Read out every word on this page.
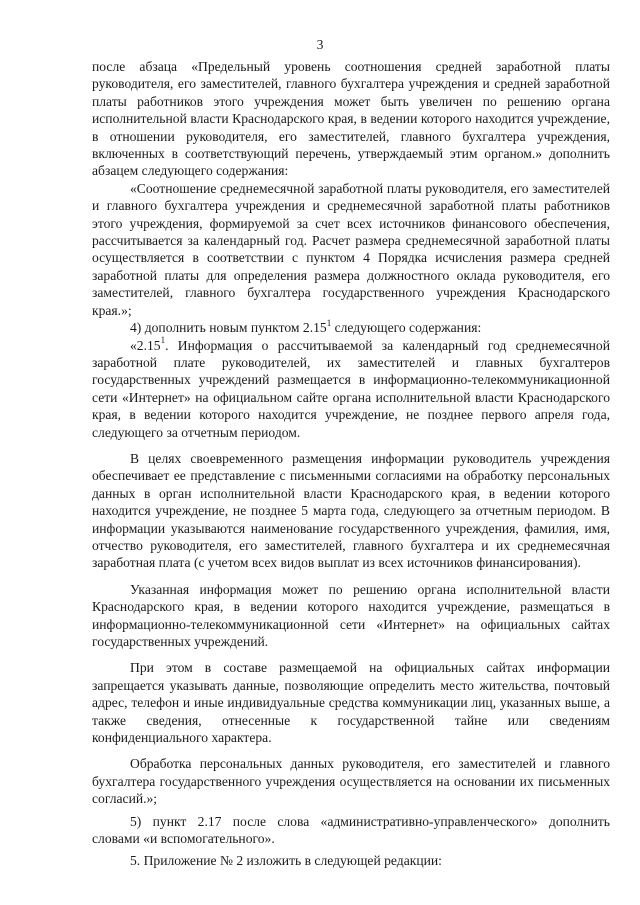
3

после абзаца «Предельный уровень соотношения средней заработной платы руководителя, его заместителей, главного бухгалтера учреждения и средней заработной платы работников этого учреждения может быть увеличен по решению органа исполнительной власти Краснодарского края, в ведении которого находится учреждение, в отношении руководителя, его заместителей, главного бухгалтера учреждения, включенных в соответствующий перечень, утверждаемый этим органом.» дополнить абзацем следующего содержания:

«Соотношение среднемесячной заработной платы руководителя, его заместителей и главного бухгалтера учреждения и среднемесячной заработной платы работников этого учреждения, формируемой за счет всех источников финансового обеспечения, рассчитывается за календарный год. Расчет размера среднемесячной заработной платы осуществляется в соответствии с пунктом 4 Порядка исчисления размера средней заработной платы для определения размера должностного оклада руководителя, его заместителей, главного бухгалтера государственного учреждения Краснодарского края.»;

4) дополнить новым пунктом 2.15$^1$ следующего содержания:

«2.15$^1$. Информация о рассчитываемой за календарный год среднемесячной заработной плате руководителей, их заместителей и главных бухгалтеров государственных учреждений размещается в информационно-телекоммуникационной сети «Интернет» на официальном сайте органа исполнительной власти Краснодарского края, в ведении которого находится учреждение, не позднее первого апреля года, следующего за отчетным периодом.

В целях своевременного размещения информации руководитель учреждения обеспечивает ее представление с письменными согласиями на обработку персональных данных в орган исполнительной власти Краснодарского края, в ведении которого находится учреждение, не позднее 5 марта года, следующего за отчетным периодом. В информации указываются наименование государственного учреждения, фамилия, имя, отчество руководителя, его заместителей, главного бухгалтера и их среднемесячная заработная плата (с учетом всех видов выплат из всех источников финансирования).

Указанная информация может по решению органа исполнительной власти Краснодарского края, в ведении которого находится учреждение, размещаться в информационно-телекоммуникационной сети «Интернет» на официальных сайтах государственных учреждений.

При этом в составе размещаемой на официальных сайтах информации запрещается указывать данные, позволяющие определить место жительства, почтовый адрес, телефон и иные индивидуальные средства коммуникации лиц, указанных выше, а также сведения, отнесенные к государственной тайне или сведениям конфиденциального характера.

Обработка персональных данных руководителя, его заместителей и главного бухгалтера государственного учреждения осуществляется на основании их письменных согласий.»;

5) пункт 2.17 после слова «административно-управленческого» дополнить словами «и вспомогательного».

5. Приложение № 2 изложить в следующей редакции:
